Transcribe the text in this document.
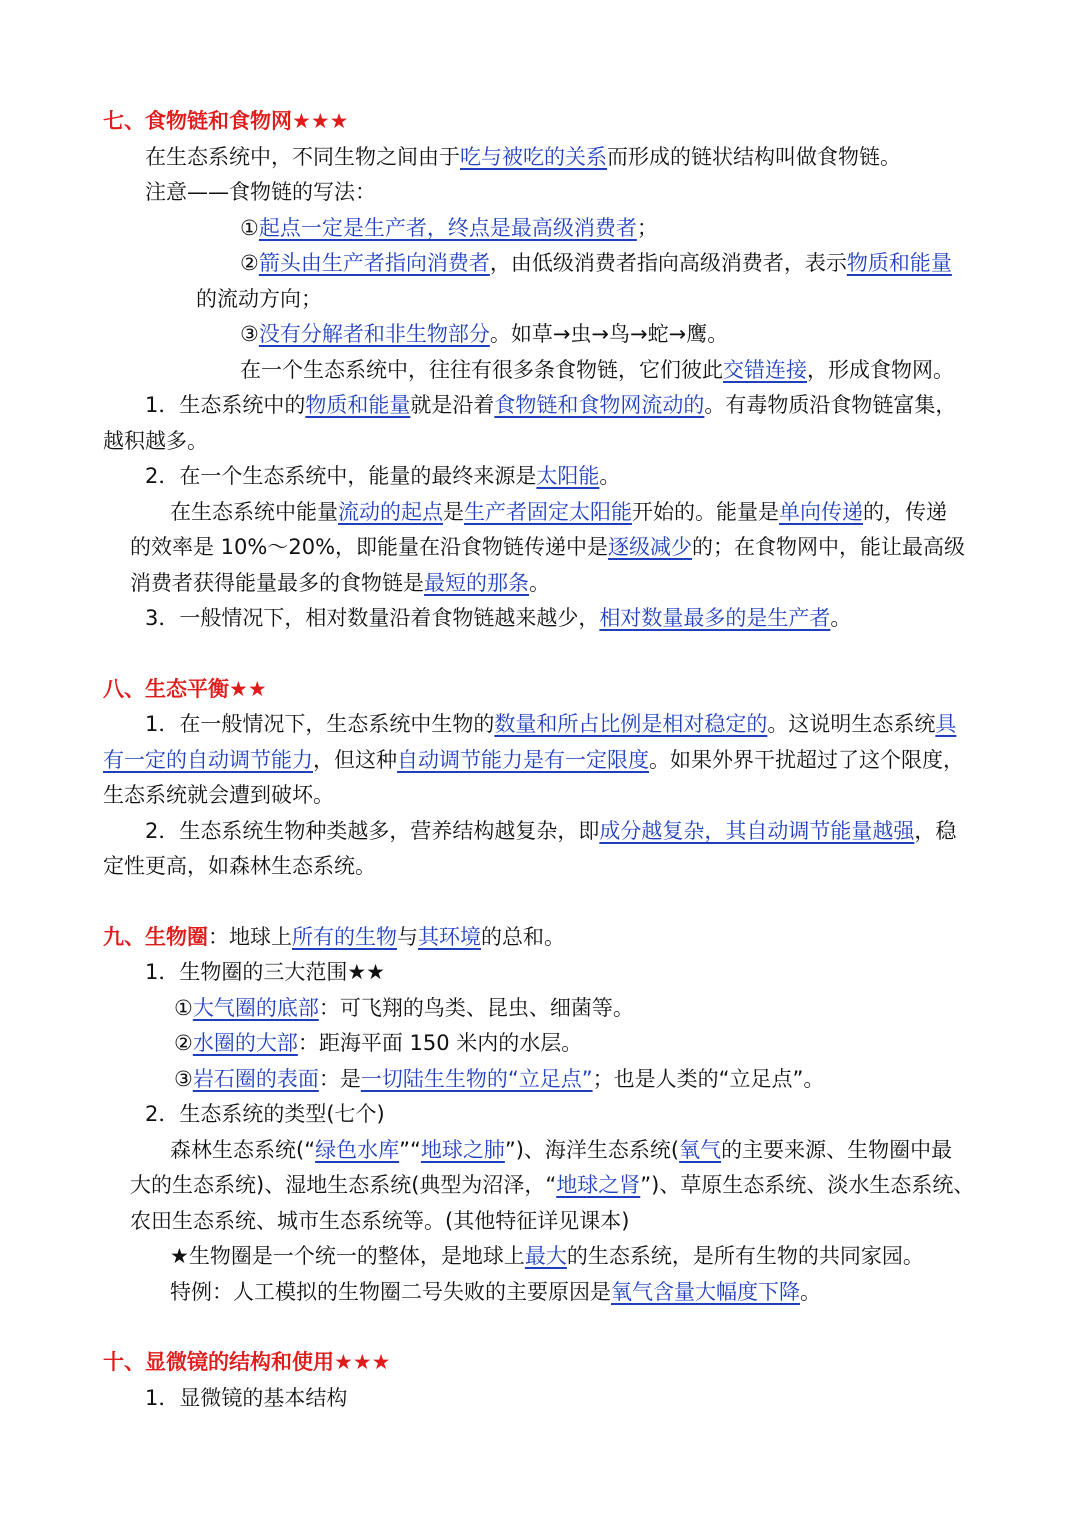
七、食物链和食物网★★★
在生态系统中，不同生物之间由于吃与被吃的关系而形成的链状结构叫做食物链。
注意——食物链的写法：
①起点一定是生产者，终点是最高级消费者；
②箭头由生产者指向消费者，由低级消费者指向高级消费者，表示物质和能量
的流动方向；
③没有分解者和非生物部分。如草→虫→鸟→蛇→鹰。
在一个生态系统中，往往有很多条食物链，它们彼此交错连接，形成食物网。
1．生态系统中的物质和能量就是沿着食物链和食物网流动的。有毒物质沿食物链富集，
越积越多。
2．在一个生态系统中，能量的最终来源是太阳能。
在生态系统中能量流动的起点是生产者固定太阳能开始的。能量是单向传递的，传递
的效率是 10%～20%，即能量在沿食物链传递中是逐级减少的；在食物网中，能让最高级
消费者获得能量最多的食物链是最短的那条。
3．一般情况下，相对数量沿着食物链越来越少，相对数量最多的是生产者。
八、生态平衡★★
1．在一般情况下，生态系统中生物的数量和所占比例是相对稳定的。这说明生态系统具
有一定的自动调节能力，但这种自动调节能力是有一定限度。如果外界干扰超过了这个限度，
生态系统就会遭到破坏。
2．生态系统生物种类越多，营养结构越复杂，即成分越复杂，其自动调节能量越强，稳
定性更高，如森林生态系统。
九、生物圈：地球上所有的生物与其环境的总和。
1．生物圈的三大范围★★
①大气圈的底部：可飞翔的鸟类、昆虫、细菌等。
②水圈的大部：距海平面 150 米内的水层。
③岩石圈的表面：是一切陆生生物的“立足点”；也是人类的“立足点”。
2．生态系统的类型(七个)
森林生态系统(“绿色水库”“地球之肺”)、海洋生态系统(氧气的主要来源、生物圈中最
大的生态系统)、湿地生态系统(典型为沼泽，“地球之肾”)、草原生态系统、淡水生态系统、
农田生态系统、城市生态系统等。(其他特征详见课本)
★生物圈是一个统一的整体，是地球上最大的生态系统，是所有生物的共同家园。
特例：人工模拟的生物圈二号失败的主要原因是氧气含量大幅度下降。
十、显微镜的结构和使用★★★
1．显微镜的基本结构
